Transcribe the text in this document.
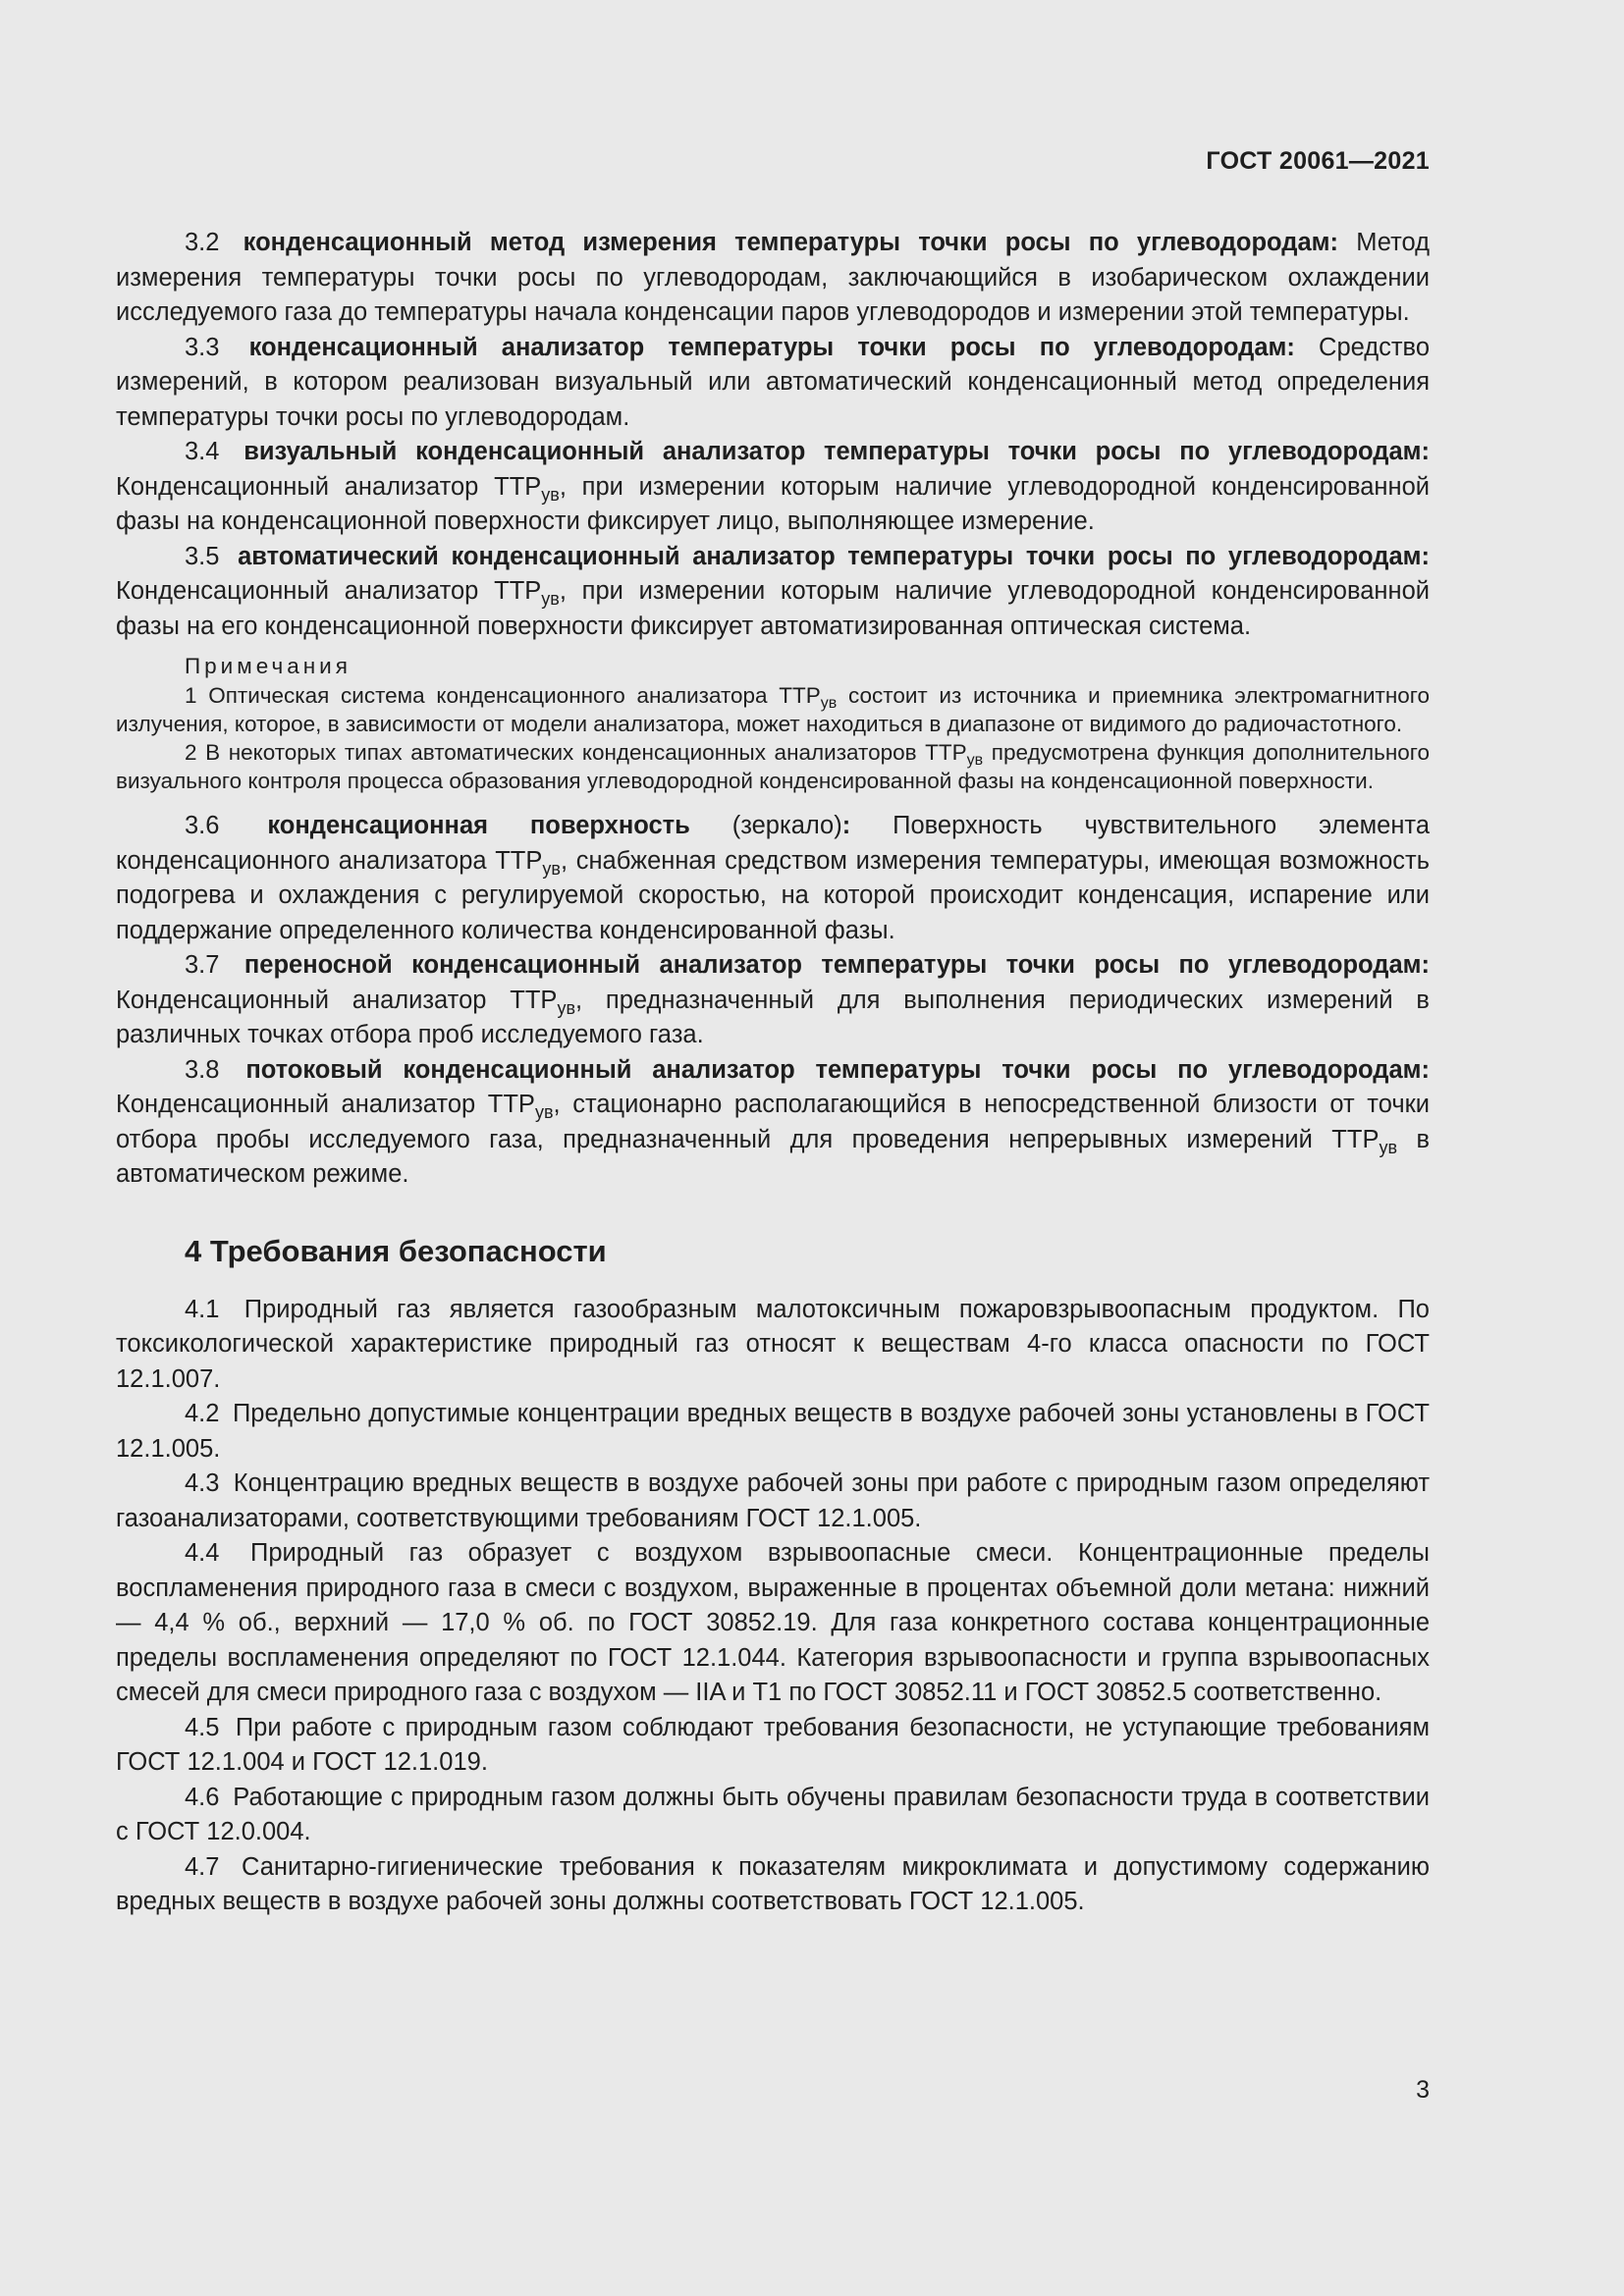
ГОСТ 20061—2021

3.2 конденсационный метод измерения температуры точки росы по углеводородам: Метод измерения температуры точки росы по углеводородам, заключающийся в изобарическом охлаждении исследуемого газа до температуры начала конденсации паров углеводородов и измерении этой температуры.

3.3 конденсационный анализатор температуры точки росы по углеводородам: Средство измерений, в котором реализован визуальный или автоматический конденсационный метод определения температуры точки росы по углеводородам.

3.4 визуальный конденсационный анализатор температуры точки росы по углеводородам: Конденсационный анализатор $ТТР_{ув}$, при измерении которым наличие углеводородной конденсированной фазы на конденсационной поверхности фиксирует лицо, выполняющее измерение.

3.5 автоматический конденсационный анализатор температуры точки росы по углеводородам: Конденсационный анализатор $ТТР_{ув}$, при измерении которым наличие углеводородной конденсированной фазы на его конденсационной поверхности фиксирует автоматизированная оптическая система.

Примечания

1 Оптическая система конденсационного анализатора $ТТР_{ув}$ состоит из источника и приемника электромагнитного излучения, которое, в зависимости от модели анализатора, может находиться в диапазоне от видимого до радиочастотного.

2 В некоторых типах автоматических конденсационных анализаторов $ТТР_{ув}$ предусмотрена функция дополнительного визуального контроля процесса образования углеводородной конденсированной фазы на конденсационной поверхности.

3.6 конденсационная поверхность (зеркало): Поверхность чувствительного элемента конденсационного анализатора $ТТР_{ув}$, снабженная средством измерения температуры, имеющая возможность подогрева и охлаждения с регулируемой скоростью, на которой происходит конденсация, испарение или поддержание определенного количества конденсированной фазы.

3.7 переносной конденсационный анализатор температуры точки росы по углеводородам: Конденсационный анализатор $ТТР_{ув}$, предназначенный для выполнения периодических измерений в различных точках отбора проб исследуемого газа.

3.8 потоковый конденсационный анализатор температуры точки росы по углеводородам: Конденсационный анализатор $ТТР_{ув}$, стационарно располагающийся в непосредственной близости от точки отбора пробы исследуемого газа, предназначенный для проведения непрерывных измерений $ТТР_{ув}$ в автоматическом режиме.

4 Требования безопасности

4.1 Природный газ является газообразным малотоксичным пожаровзрывоопасным продуктом. По токсикологической характеристике природный газ относят к веществам 4-го класса опасности по ГОСТ 12.1.007.

4.2 Предельно допустимые концентрации вредных веществ в воздухе рабочей зоны установлены в ГОСТ 12.1.005.

4.3 Концентрацию вредных веществ в воздухе рабочей зоны при работе с природным газом определяют газоанализаторами, соответствующими требованиям ГОСТ 12.1.005.

4.4 Природный газ образует с воздухом взрывоопасные смеси. Концентрационные пределы воспламенения природного газа в смеси с воздухом, выраженные в процентах объемной доли метана: нижний — 4,4 % об., верхний — 17,0 % об. по ГОСТ 30852.19. Для газа конкретного состава концентрационные пределы воспламенения определяют по ГОСТ 12.1.044. Категория взрывоопасности и группа взрывоопасных смесей для смеси природного газа с воздухом — IIA и T1 по ГОСТ 30852.11 и ГОСТ 30852.5 соответственно.

4.5 При работе с природным газом соблюдают требования безопасности, не уступающие требованиям ГОСТ 12.1.004 и ГОСТ 12.1.019.

4.6 Работающие с природным газом должны быть обучены правилам безопасности труда в соответствии с ГОСТ 12.0.004.

4.7 Санитарно-гигиенические требования к показателям микроклимата и допустимому содержанию вредных веществ в воздухе рабочей зоны должны соответствовать ГОСТ 12.1.005.

3
